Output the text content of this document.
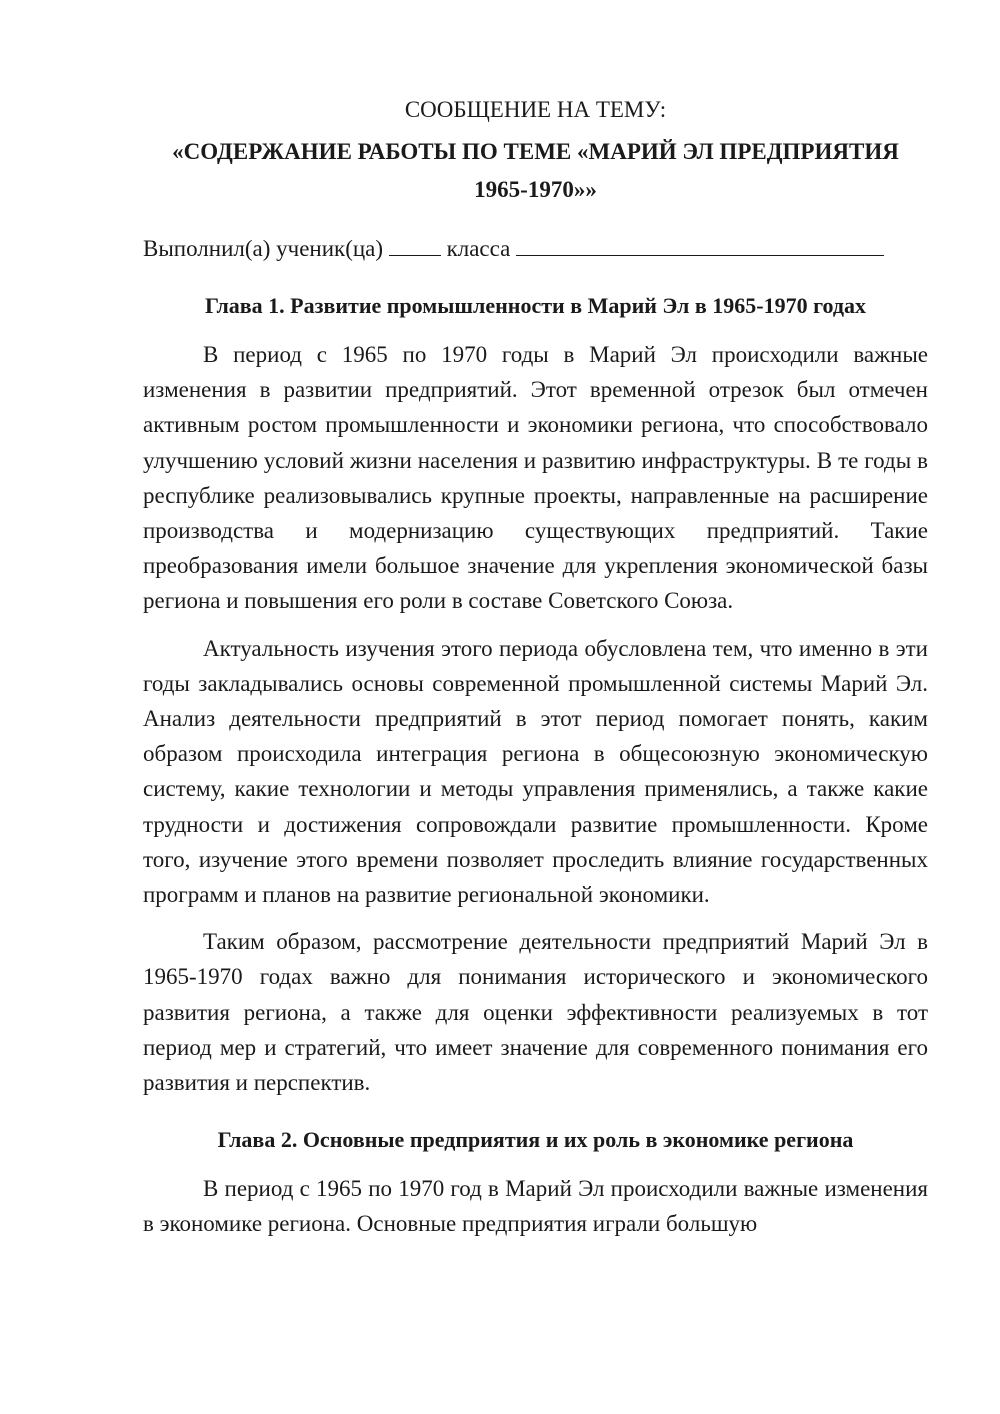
СООБЩЕНИЕ НА ТЕМУ:

«СОДЕРЖАНИЕ РАБОТЫ ПО ТЕМЕ «МАРИЙ ЭЛ ПРЕДПРИЯТИЯ 1965-1970»»

Выполнил(а) ученик(ца)	класса

Глава 1. Развитие промышленности в Марий Эл в 1965-1970 годах

В период с 1965 по 1970 годы в Марий Эл происходили важные изменения в развитии предприятий. Этот временной отрезок был отмечен активным ростом промышленности и экономики региона, что способствовало улучшению условий жизни населения и развитию инфраструктуры. В те годы в республике реализовывались крупные проекты, направленные на расширение производства и модернизацию существующих предприятий. Такие преобразования имели большое значение для укрепления экономической базы региона и повышения его роли в составе Советского Союза.

Актуальность изучения этого периода обусловлена тем, что именно в эти годы закладывались основы современной промышленной системы Марий Эл. Анализ деятельности предприятий в этот период помогает понять, каким образом происходила интеграция региона в общесоюзную экономическую систему, какие технологии и методы управления применялись, а также какие трудности и достижения сопровождали развитие промышленности. Кроме того, изучение этого времени позволяет проследить влияние государственных программ и планов на развитие региональной экономики.

Таким образом, рассмотрение деятельности предприятий Марий Эл в 1965-1970 годах важно для понимания исторического и экономического развития региона, а также для оценки эффективности реализуемых в тот период мер и стратегий, что имеет значение для современного понимания его развития и перспектив.

Глава 2. Основные предприятия и их роль в экономике региона

В период с 1965 по 1970 год в Марий Эл происходили важные изменения в экономике региона. Основные предприятия играли большую
